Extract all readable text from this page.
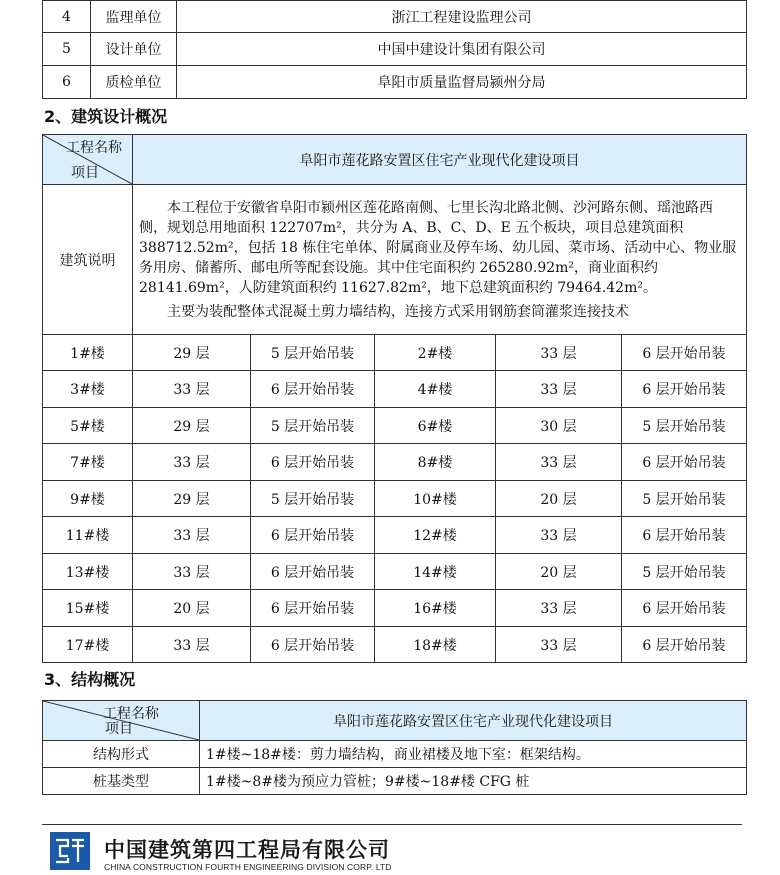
4	监理单位	浙江工程建设监理公司
5	设计单位	中国中建设计集团有限公司
6	质检单位	阜阳市质量监督局颍州分局
2、建筑设计概况
工程名称
项目	阜阳市莲花路安置区住宅产业现代化建设项目				
建筑说明	本工程位于安徽省阜阳市颍州区莲花路南侧、七里长沟北路北侧、沙河路东侧、瑶池路西侧，规划总用地面积 122707m²，共分为 A、B、C、D、E 五个板块，项目总建筑面积 388712.52m²，包括 18 栋住宅单体、附属商业及停车场、幼儿园、菜市场、活动中心、物业服务用房、储蓄所、邮电所等配套设施。其中住宅面积约 265280.92m²，商业面积约 28141.69m²，人防建筑面积约 11627.82m²，地下总建筑面积约 79464.42m²。

主要为装配整体式混凝土剪力墙结构，连接方式采用钢筋套筒灌浆连接技术				

1#楼	29 层	5 层开始吊装	2#楼	33 层	6 层开始吊装
3#楼	33 层	6 层开始吊装	4#楼	33 层	6 层开始吊装
5#楼	29 层	5 层开始吊装	6#楼	30 层	5 层开始吊装
7#楼	33 层	6 层开始吊装	8#楼	33 层	6 层开始吊装
9#楼	29 层	5 层开始吊装	10#楼	20 层	5 层开始吊装
11#楼	33 层	6 层开始吊装	12#楼	33 层	6 层开始吊装
13#楼	33 层	6 层开始吊装	14#楼	20 层	5 层开始吊装
15#楼	20 层	6 层开始吊装	16#楼	33 层	6 层开始吊装
17#楼	33 层	6 层开始吊装	18#楼	33 层	6 层开始吊装
3、结构概况
工程名称
项目	阜阳市莲花路安置区住宅产业现代化建设项目
结构形式	1#楼~18#楼：剪力墙结构，商业裙楼及地下室：框架结构。
桩基类型	1#楼~8#楼为预应力管桩；9#楼~18#楼 CFG 桩
中国建筑第四工程局有限公司
CHINA CONSTRUCTION FOURTH ENGINEERING DIVISION CORP. LTD
